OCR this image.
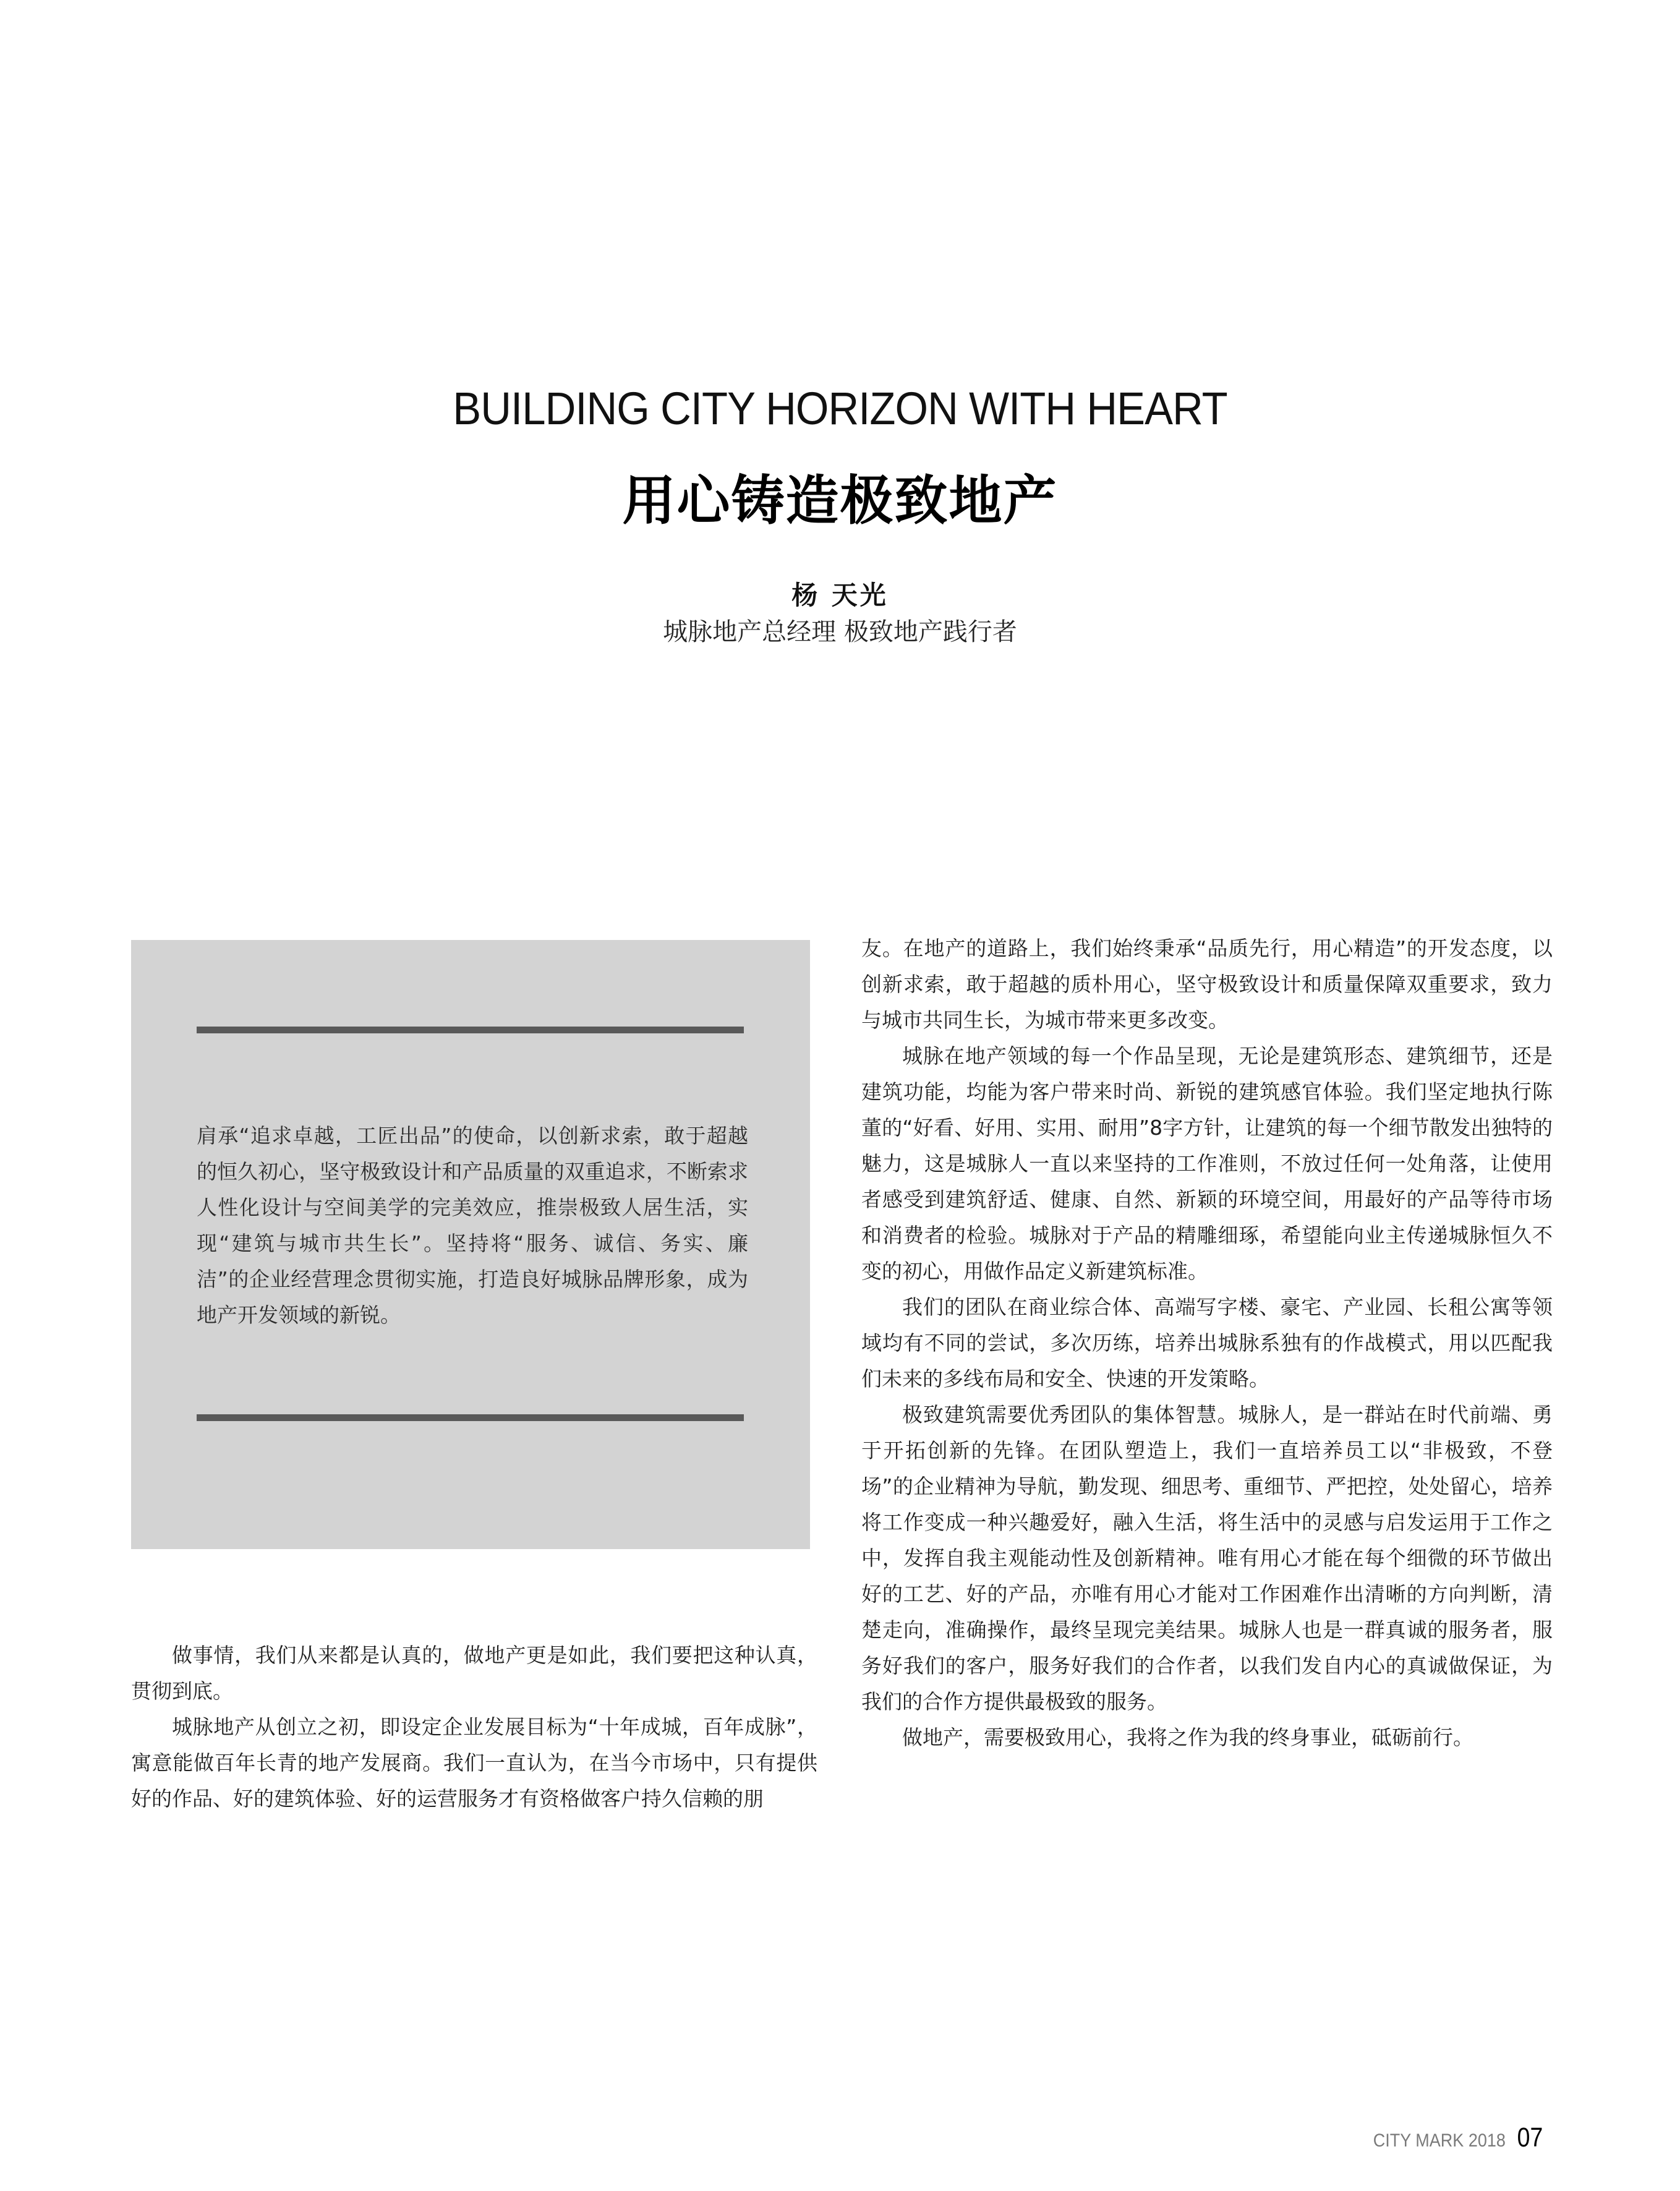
BUILDING CITY HORIZON WITH HEART
用心铸造极致地产
杨 天光
城脉地产总经理 极致地产践行者
肩承“追求卓越，工匠出品”的使命，以创新求索，敢于超越的恒久初心，坚守极致设计和产品质量的双重追求，不断索求人性化设计与空间美学的完美效应，推崇极致人居生活，实现“建筑与城市共生长”。坚持将“服务、诚信、务实、廉洁”的企业经营理念贯彻实施，打造良好城脉品牌形象，成为地产开发领域的新锐。

做事情，我们从来都是认真的，做地产更是如此，我们要把这种认真，贯彻到底。

城脉地产从创立之初，即设定企业发展目标为“十年成城，百年成脉”，寓意能做百年长青的地产发展商。我们一直认为，在当今市场中，只有提供好的作品、好的建筑体验、好的运营服务才有资格做客户持久信赖的朋

友。在地产的道路上，我们始终秉承“品质先行，用心精造”的开发态度，以创新求索，敢于超越的质朴用心，坚守极致设计和质量保障双重要求，致力与城市共同生长，为城市带来更多改变。

城脉在地产领域的每一个作品呈现，无论是建筑形态、建筑细节，还是建筑功能，均能为客户带来时尚、新锐的建筑感官体验。我们坚定地执行陈董的“好看、好用、实用、耐用”8字方针，让建筑的每一个细节散发出独特的魅力，这是城脉人一直以来坚持的工作准则，不放过任何一处角落，让使用者感受到建筑舒适、健康、自然、新颖的环境空间，用最好的产品等待市场和消费者的检验。城脉对于产品的精雕细琢，希望能向业主传递城脉恒久不变的初心，用做作品定义新建筑标准。

我们的团队在商业综合体、高端写字楼、豪宅、产业园、长租公寓等领域均有不同的尝试，多次历练，培养出城脉系独有的作战模式，用以匹配我们未来的多线布局和安全、快速的开发策略。

极致建筑需要优秀团队的集体智慧。城脉人，是一群站在时代前端、勇于开拓创新的先锋。在团队塑造上，我们一直培养员工以“非极致，不登场”的企业精神为导航，勤发现、细思考、重细节、严把控，处处留心，培养将工作变成一种兴趣爱好，融入生活，将生活中的灵感与启发运用于工作之中，发挥自我主观能动性及创新精神。唯有用心才能在每个细微的环节做出好的工艺、好的产品，亦唯有用心才能对工作困难作出清晰的方向判断，清楚走向，准确操作，最终呈现完美结果。城脉人也是一群真诚的服务者，服务好我们的客户，服务好我们的合作者，以我们发自内心的真诚做保证，为我们的合作方提供最极致的服务。

做地产，需要极致用心，我将之作为我的终身事业，砥砺前行。

CITY MARK 2018 07
